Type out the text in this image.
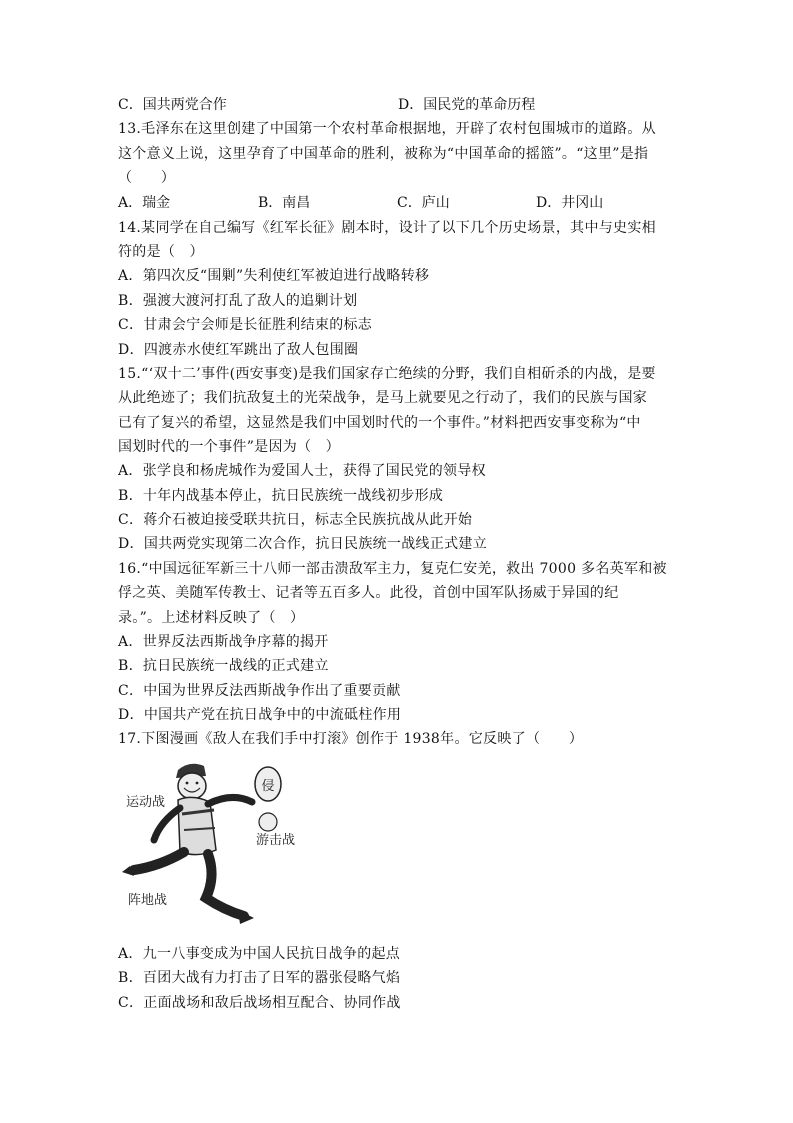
C．国共两党合作	D．国民党的革命历程
13.毛泽东在这里创建了中国第一个农村革命根据地，开辟了农村包围城市的道路。从
这个意义上说，这里孕育了中国革命的胜利，被称为“中国革命的摇篮”。“这里”是指
（　　）
A．瑞金	B．南昌	C．庐山	D．井冈山
14.某同学在自己编写《红军长征》剧本时，设计了以下几个历史场景，其中与史实相
符的是（　）
A．第四次反“围剿”失利使红军被迫进行战略转移
B．强渡大渡河打乱了敌人的追剿计划
C．甘肃会宁会师是长征胜利结束的标志
D．四渡赤水使红军跳出了敌人包围圈
15.“‘双十二’事件(西安事变)是我们国家存亡绝续的分野，我们自相斫杀的内战，是要
从此绝迹了；我们抗敌复土的光荣战争，是马上就要见之行动了，我们的民族与国家
已有了复兴的希望，这显然是我们中国划时代的一个事件。”材料把西安事变称为“中
国划时代的一个事件”是因为（　）
A．张学良和杨虎城作为爱国人士，获得了国民党的领导权
B．十年内战基本停止，抗日民族统一战线初步形成
C．蒋介石被迫接受联共抗日，标志全民族抗战从此开始
D．国共两党实现第二次合作，抗日民族统一战线正式建立
16.“中国远征军新三十八师一部击溃敌军主力，复克仁安羌，救出 7000 多名英军和被
俘之英、美随军传教士、记者等五百多人。此役，首创中国军队扬威于异国的纪
录。”。上述材料反映了（　）
A．世界反法西斯战争序幕的揭开
B．抗日民族统一战线的正式建立
C．中国为世界反法西斯战争作出了重要贡献
D．中国共产党在抗日战争中的中流砥柱作用
17.下图漫画《敌人在我们手中打滚》创作于 1938年。它反映了（　　）
侵
运动战
游击战
阵地战
A．九一八事变成为中国人民抗日战争的起点
B．百团大战有力打击了日军的嚣张侵略气焰
C．正面战场和敌后战场相互配合、协同作战
